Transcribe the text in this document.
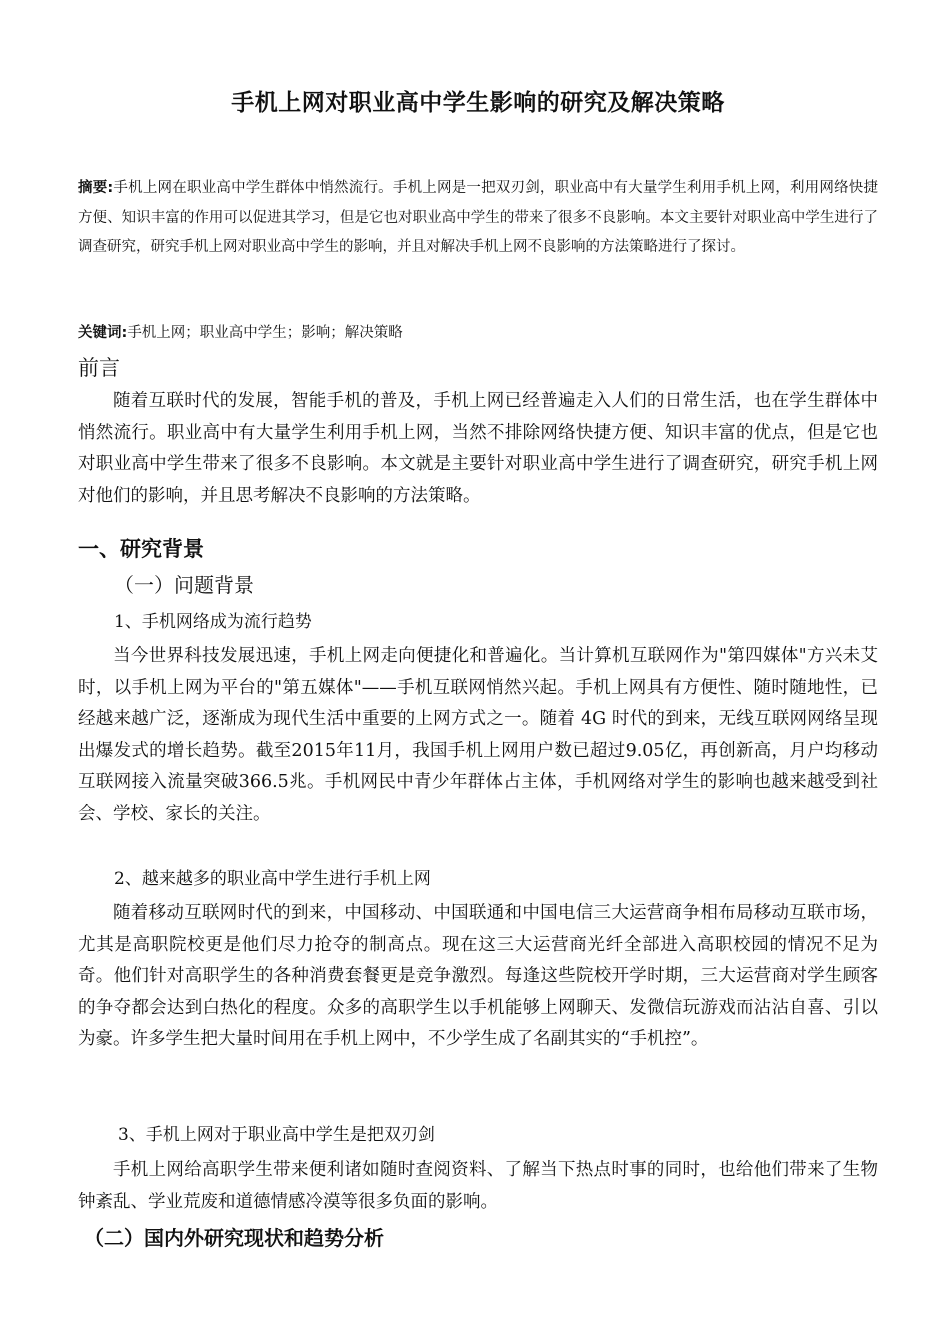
手机上网对职业高中学生影响的研究及解决策略

摘要:手机上网在职业高中学生群体中悄然流行。手机上网是一把双刃剑，职业高中有大量学生利用手机上网，利用网络快捷方便、知识丰富的作用可以促进其学习，但是它也对职业高中学生的带来了很多不良影响。本文主要针对职业高中学生进行了调查研究，研究手机上网对职业高中学生的影响，并且对解决手机上网不良影响的方法策略进行了探讨。

关键词:手机上网；职业高中学生；影响；解决策略

前言

随着互联时代的发展，智能手机的普及，手机上网已经普遍走入人们的日常生活，也在学生群体中悄然流行。职业高中有大量学生利用手机上网，当然不排除网络快捷方便、知识丰富的优点，但是它也对职业高中学生带来了很多不良影响。本文就是主要针对职业高中学生进行了调查研究，研究手机上网对他们的影响，并且思考解决不良影响的方法策略。

一、研究背景
（一）问题背景
1、手机网络成为流行趋势

当今世界科技发展迅速，手机上网走向便捷化和普遍化。当计算机互联网作为"第四媒体"方兴未艾时，以手机上网为平台的"第五媒体"——手机互联网悄然兴起。手机上网具有方便性、随时随地性，已经越来越广泛，逐渐成为现代生活中重要的上网方式之一。随着 4G 时代的到来，无线互联网网络呈现出爆发式的增长趋势。截至2015年11月，我国手机上网用户数已超过9.05亿，再创新高，月户均移动互联网接入流量突破366.5兆。手机网民中青少年群体占主体，手机网络对学生的影响也越来越受到社会、学校、家长的关注。

2、越来越多的职业高中学生进行手机上网

随着移动互联网时代的到来，中国移动、中国联通和中国电信三大运营商争相布局移动互联市场，尤其是高职院校更是他们尽力抢夺的制高点。现在这三大运营商光纤全部进入高职校园的情况不足为奇。他们针对高职学生的各种消费套餐更是竞争激烈。每逢这些院校开学时期，三大运营商对学生顾客的争夺都会达到白热化的程度。众多的高职学生以手机能够上网聊天、发微信玩游戏而沾沾自喜、引以为豪。许多学生把大量时间用在手机上网中，不少学生成了名副其实的“手机控”。

3、手机上网对于职业高中学生是把双刃剑

手机上网给高职学生带来便利诸如随时查阅资料、了解当下热点时事的同时，也给他们带来了生物钟紊乱、学业荒废和道德情感冷漠等很多负面的影响。

（二）国内外研究现状和趋势分析
